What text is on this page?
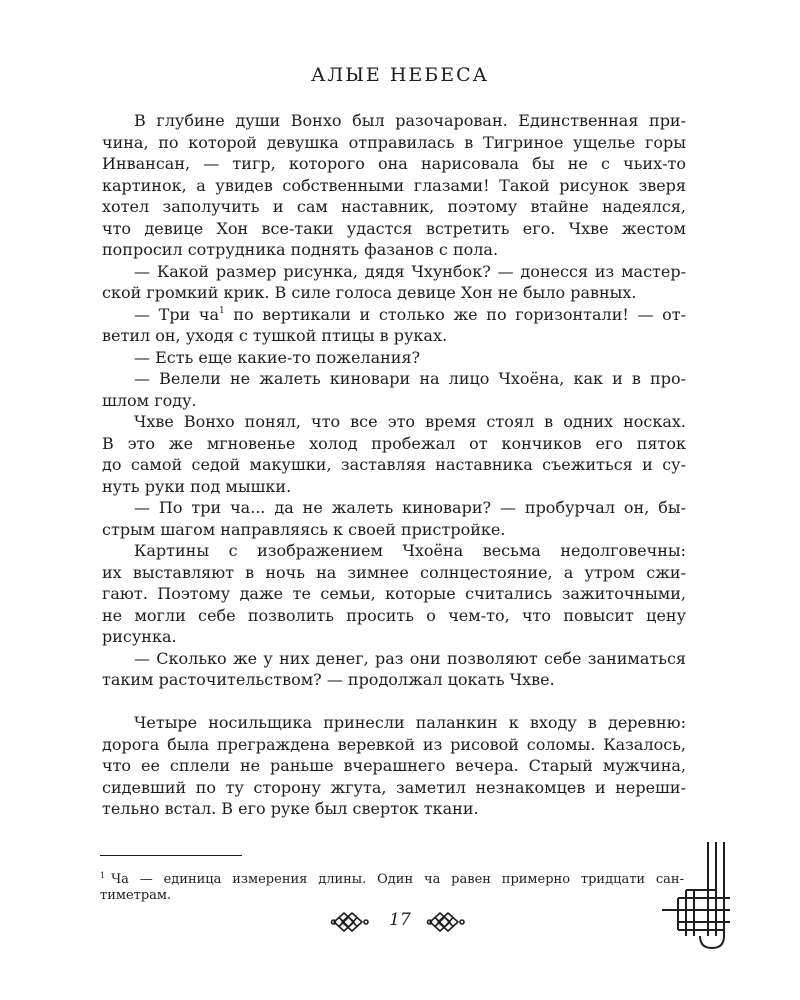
АЛЫЕ НЕБЕСА
В глубине души Вонхо был разочарован. Единственная при-
чина, по которой девушка отправилась в Тигриное ущелье горы
Инвансан, — тигр, которого она нарисовала бы не с чьих-то
картинок, а увидев собственными глазами! Такой рисунок зверя
хотел заполучить и сам наставник, поэтому втайне надеялся,
что девице Хон все-таки удастся встретить его. Чхве жестом
попросил сотрудника поднять фазанов с пола.
— Какой размер рисунка, дядя Чхунбок? — донесся из мастер-
ской громкий крик. В силе голоса девице Хон не было равных.
— Три $ча^1$ по вертикали и столько же по горизонтали! — от-
ветил он, уходя с тушкой птицы в руках.
— Есть еще какие-то пожелания?
— Велели не жалеть киновари на лицо Чхоёна, как и в про-
шлом году.
Чхве Вонхо понял, что все это время стоял в одних носках.
В это же мгновенье холод пробежал от кончиков его пяток
до самой седой макушки, заставляя наставника съежиться и су-
нуть руки под мышки.
— По три ча... да не жалеть киновари? — пробурчал он, бы-
стрым шагом направляясь к своей пристройке.
Картины с изображением Чхоёна весьма недолговечны:
их выставляют в ночь на зимнее солнцестояние, а утром сжи-
гают. Поэтому даже те семьи, которые считались зажиточными,
не могли себе позволить просить о чем-то, что повысит цену
рисунка.
— Сколько же у них денег, раз они позволяют себе заниматься
таким расточительством? — продолжал цокать Чхве.
Четыре носильщика принесли паланкин к входу в деревню:
дорога была преграждена веревкой из рисовой соломы. Казалось,
что ее сплели не раньше вчерашнего вечера. Старый мужчина,
сидевший по ту сторону жгута, заметил незнакомцев и нереши-
тельно встал. В его руке был сверток ткани.
$^1$ Ча — единица измерения длины. Один ча равен примерно тридцати сан-
тиметрам.
17
